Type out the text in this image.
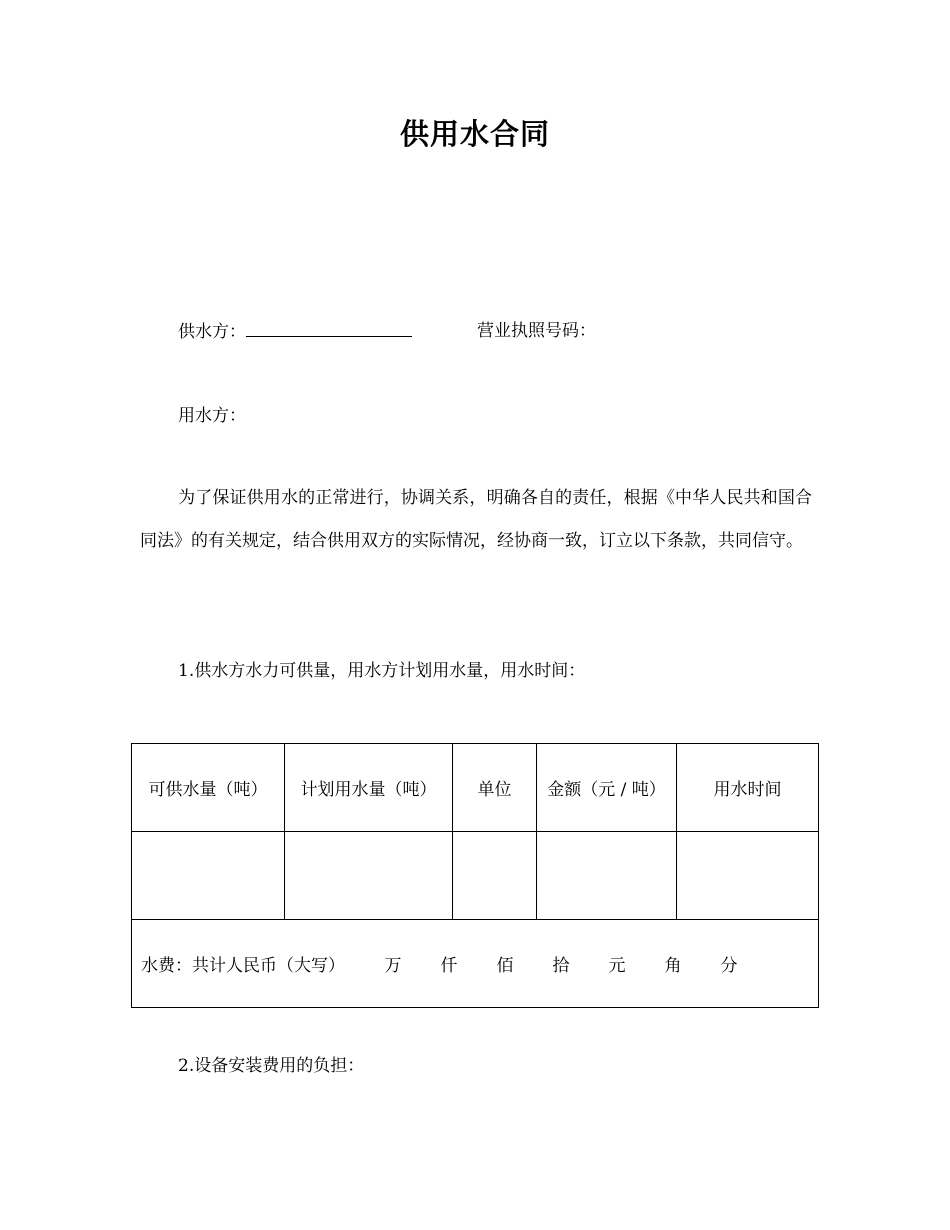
供用水合同
供水方：	营业执照号码：
用水方：
为了保证供用水的正常进行，协调关系，明确各自的责任，根据《中华人民共和国合同法》的有关规定，结合供用双方的实际情况，经协商一致，订立以下条款，共同信守。
1.供水方水力可供量，用水方计划用水量，用水时间：
可供水量（吨）	计划用水量（吨）	单位	金额（元 / 吨）	用水时间

水费：共计人民币（大写） 万 仟 佰 拾 元 角 分				
2.设备安装费用的负担：
